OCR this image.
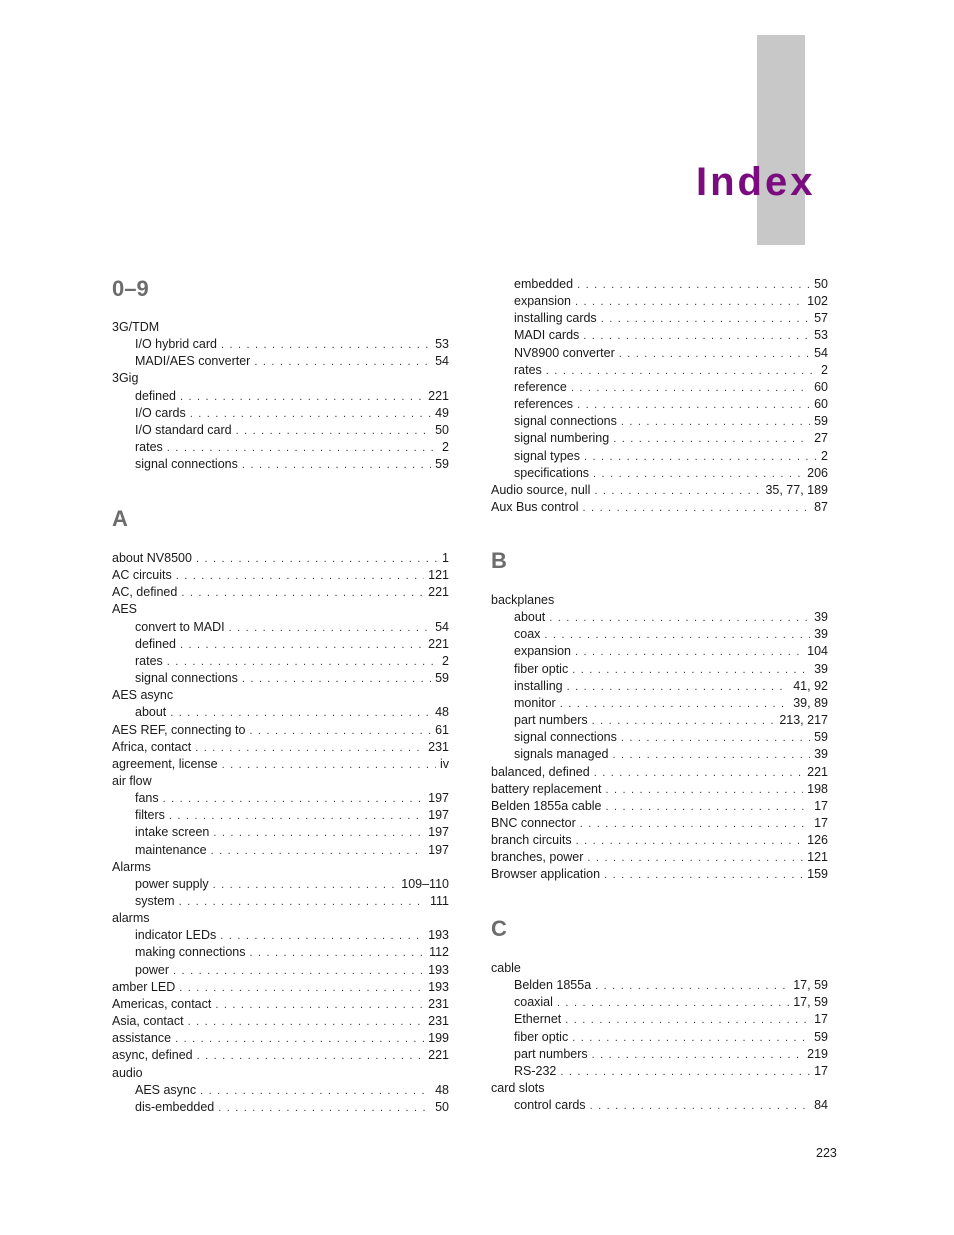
Index
0–9
3G/TDM
I/O hybrid card . . .	53
MADI/AES converter . . .	54
3Gig
defined . . .	221
I/O cards . . .	49
I/O standard card . . .	50
rates . . .	2
signal connections . . .	59
A
about NV8500 . . .	1
AC circuits . . .	121
AC, defined . . .	221
AES
convert to MADI . . .	54
defined . . .	221
rates . . .	2
signal connections . . .	59
AES async
about . . .	48
AES REF, connecting to . . .	61
Africa, contact . . .	231
agreement, license . . .	iv
air flow
fans . . .	197
filters . . .	197
intake screen . . .	197
maintenance . . .	197
Alarms
power supply . . .	109–110
system . . .	111
alarms
indicator LEDs . . .	193
making connections . . .	112
power . . .	193
amber LED . . .	193
Americas, contact . . .	231
Asia, contact . . .	231
assistance . . .	199
async, defined . . .	221
audio
AES async . . .	48
dis-embedded . . .	50
embedded . . .	50
expansion . . .	102
installing cards . . .	57
MADI cards . . .	53
NV8900 converter . . .	54
rates . . .	2
reference . . .	60
references . . .	60
signal connections . . .	59
signal numbering . . .	27
signal types . . .	2
specifications . . .	206
Audio source, null . . .	35, 77, 189
Aux Bus control . . .	87
B
backplanes
about . . .	39
coax . . .	39
expansion . . .	104
fiber optic . . .	39
installing . . .	41, 92
monitor . . .	39, 89
part numbers . . .	213, 217
signal connections . . .	59
signals managed . . .	39
balanced, defined . . .	221
battery replacement . . .	198
Belden 1855a cable . . .	17
BNC connector . . .	17
branch circuits . . .	126
branches, power . . .	121
Browser application . . .	159
C
cable
Belden 1855a . . .	17, 59
coaxial . . .	17, 59
Ethernet . . .	17
fiber optic . . .	59
part numbers . . .	219
RS-232 . . .	17
card slots
control cards . . .	84
223
